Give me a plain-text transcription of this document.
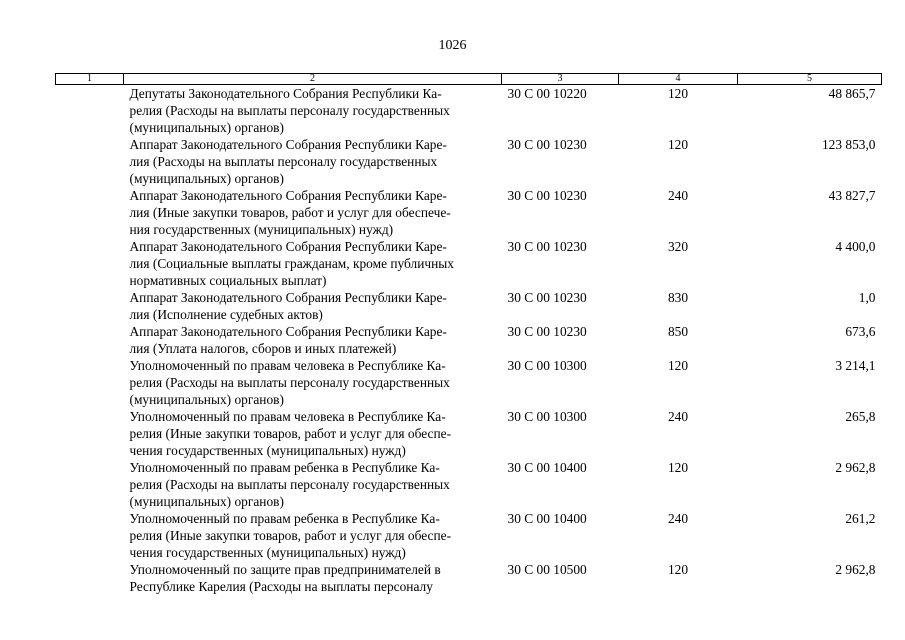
1026
1	2	3	4	5
	Депутаты Законодательного Собрания Республики Ка-
релия (Расходы на выплаты персоналу государственных
(муниципальных) органов)	30 С 00 10220	120	48 865,7
	Аппарат Законодательного Собрания Республики Каре-
лия (Расходы на выплаты персоналу государственных
(муниципальных) органов)	30 С 00 10230	120	123 853,0
	Аппарат Законодательного Собрания Республики Каре-
лия (Иные закупки товаров, работ и услуг для обеспече-
ния государственных (муниципальных) нужд)	30 С 00 10230	240	43 827,7
	Аппарат Законодательного Собрания Республики Каре-
лия (Социальные выплаты гражданам, кроме публичных
нормативных социальных выплат)	30 С 00 10230	320	4 400,0
	Аппарат Законодательного Собрания Республики Каре-
лия (Исполнение судебных актов)	30 С 00 10230	830	1,0
	Аппарат Законодательного Собрания Республики Каре-
лия (Уплата налогов, сборов и иных платежей)	30 С 00 10230	850	673,6
	Уполномоченный по правам человека в Республике Ка-
релия (Расходы на выплаты персоналу государственных
(муниципальных) органов)	30 С 00 10300	120	3 214,1
	Уполномоченный по правам человека в Республике Ка-
релия (Иные закупки товаров, работ и услуг для обеспе-
чения государственных (муниципальных) нужд)	30 С 00 10300	240	265,8
	Уполномоченный по правам ребенка в Республике Ка-
релия (Расходы на выплаты персоналу государственных
(муниципальных) органов)	30 С 00 10400	120	2 962,8
	Уполномоченный по правам ребенка в Республике Ка-
релия (Иные закупки товаров, работ и услуг для обеспе-
чения государственных (муниципальных) нужд)	30 С 00 10400	240	261,2
	Уполномоченный по защите прав предпринимателей в
Республике Карелия (Расходы на выплаты персоналу	30 С 00 10500	120	2 962,8
